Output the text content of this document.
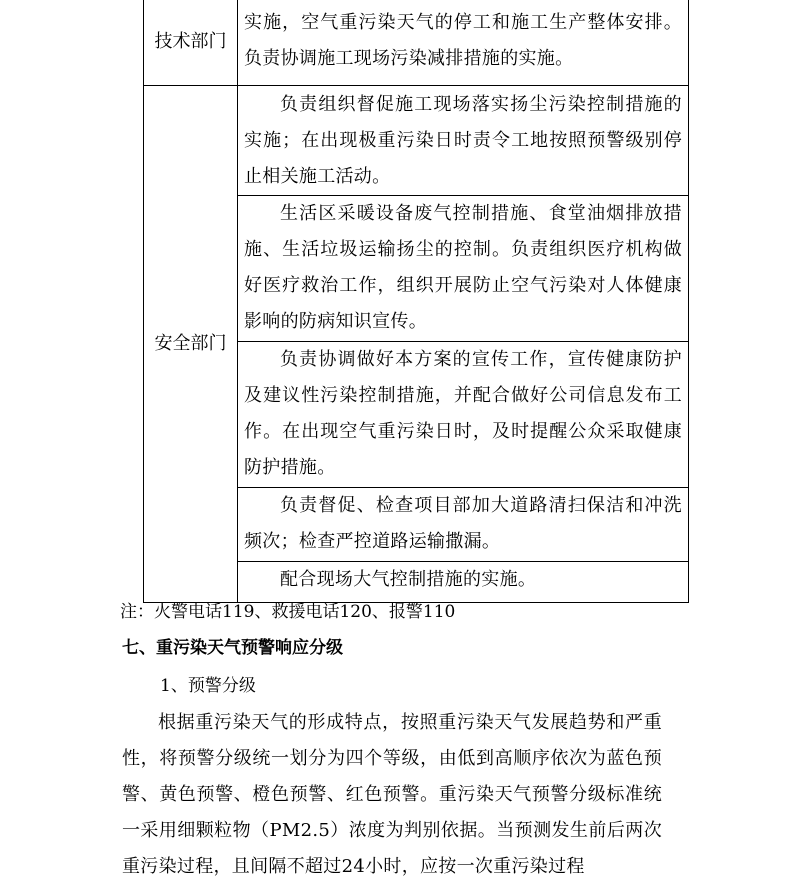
技术部门	实施，空气重污染天气的停工和施工生产整体安排。负责协调施工现场污染减排措施的实施。

安全部门	负责组织督促施工现场落实扬尘污染控制措施的实施；在出现极重污染日时责令工地按照预警级别停止相关施工活动。

	生活区采暖设备废气控制措施、食堂油烟排放措施、生活垃圾运输扬尘的控制。负责组织医疗机构做好医疗救治工作，组织开展防止空气污染对人体健康影响的防病知识宣传。

	负责协调做好本方案的宣传工作，宣传健康防护及建议性污染控制措施，并配合做好公司信息发布工作。在出现空气重污染日时，及时提醒公众采取健康防护措施。

	负责督促、检查项目部加大道路清扫保洁和冲洗频次；检查严控道路运输撒漏。

	配合现场大气控制措施的实施。
注：火警电话119、救援电话120、报警110
七、重污染天气预警响应分级
1、预警分级
根据重污染天气的形成特点，按照重污染天气发展趋势和严重性，将预警分级统一划分为四个等级，由低到高顺序依次为蓝色预警、黄色预警、橙色预警、红色预警。重污染天气预警分级标准统一采用细颗粒物（PM2.5）浓度为判别依据。当预测发生前后两次重污染过程，且间隔不超过24小时，应按一次重污染过程
